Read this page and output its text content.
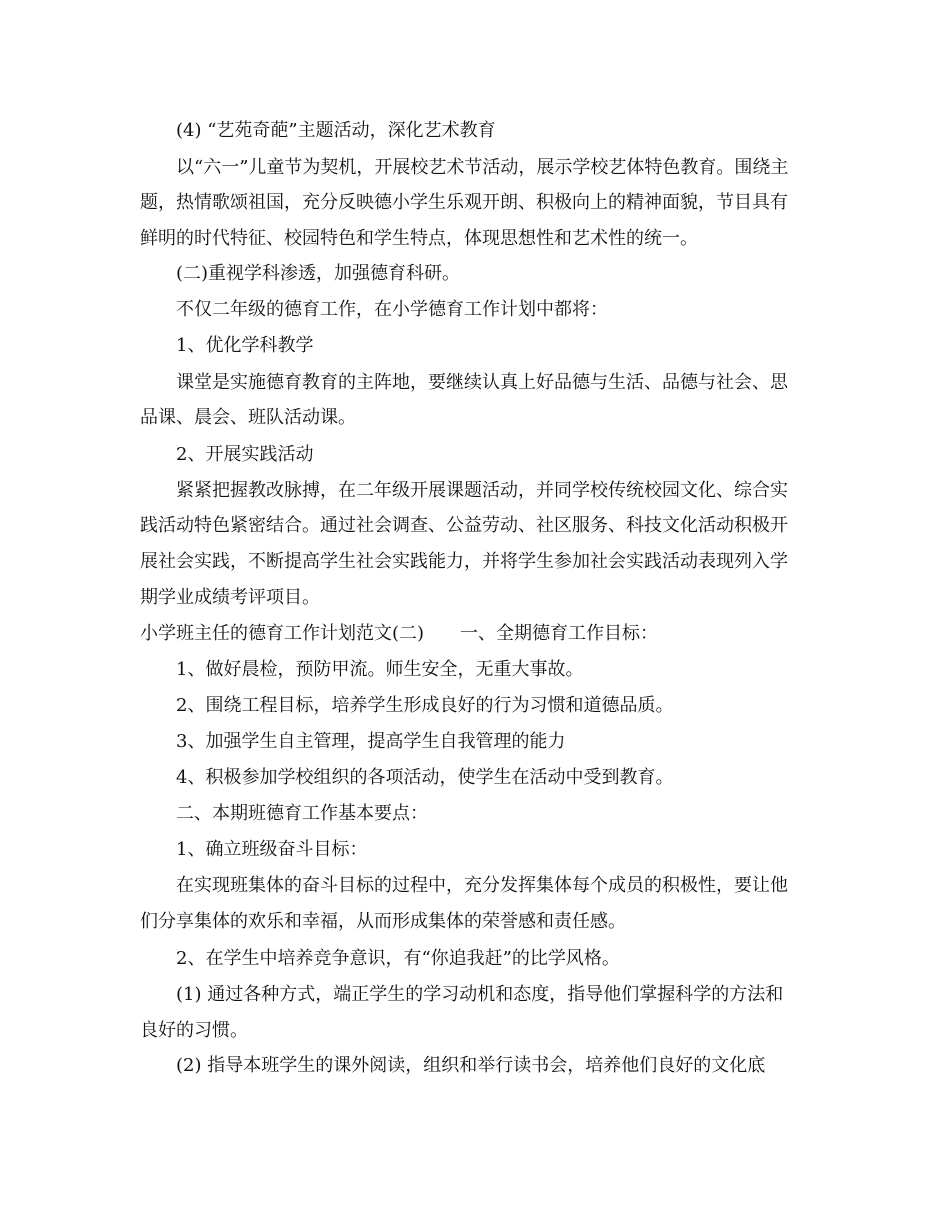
(4) “艺苑奇葩”主题活动，深化艺术教育
以“六一”儿童节为契机，开展校艺术节活动，展示学校艺体特色教育。围绕主
题，热情歌颂祖国，充分反映德小学生乐观开朗、积极向上的精神面貌，节目具有
鲜明的时代特征、校园特色和学生特点，体现思想性和艺术性的统一。
(二)重视学科渗透，加强德育科研。
不仅二年级的德育工作，在小学德育工作计划中都将：
1、优化学科教学
课堂是实施德育教育的主阵地，要继续认真上好品德与生活、品德与社会、思
品课、晨会、班队活动课。
2、开展实践活动
紧紧把握教改脉搏，在二年级开展课题活动，并同学校传统校园文化、综合实
践活动特色紧密结合。通过社会调查、公益劳动、社区服务、科技文化活动积极开
展社会实践，不断提高学生社会实践能力，并将学生参加社会实践活动表现列入学
期学业成绩考评项目。
小学班主任的德育工作计划范文(二)　　一、全期德育工作目标：
1、做好晨检，预防甲流。师生安全，无重大事故。
2、围绕工程目标，培养学生形成良好的行为习惯和道德品质。
3、加强学生自主管理，提高学生自我管理的能力
4、积极参加学校组织的各项活动，使学生在活动中受到教育。
二、本期班德育工作基本要点：
1、确立班级奋斗目标：
在实现班集体的奋斗目标的过程中，充分发挥集体每个成员的积极性，要让他
们分享集体的欢乐和幸福，从而形成集体的荣誉感和责任感。
2、在学生中培养竞争意识，有“你追我赶”的比学风格。
(1) 通过各种方式，端正学生的学习动机和态度，指导他们掌握科学的方法和
良好的习惯。
(2) 指导本班学生的课外阅读，组织和举行读书会，培养他们良好的文化底
